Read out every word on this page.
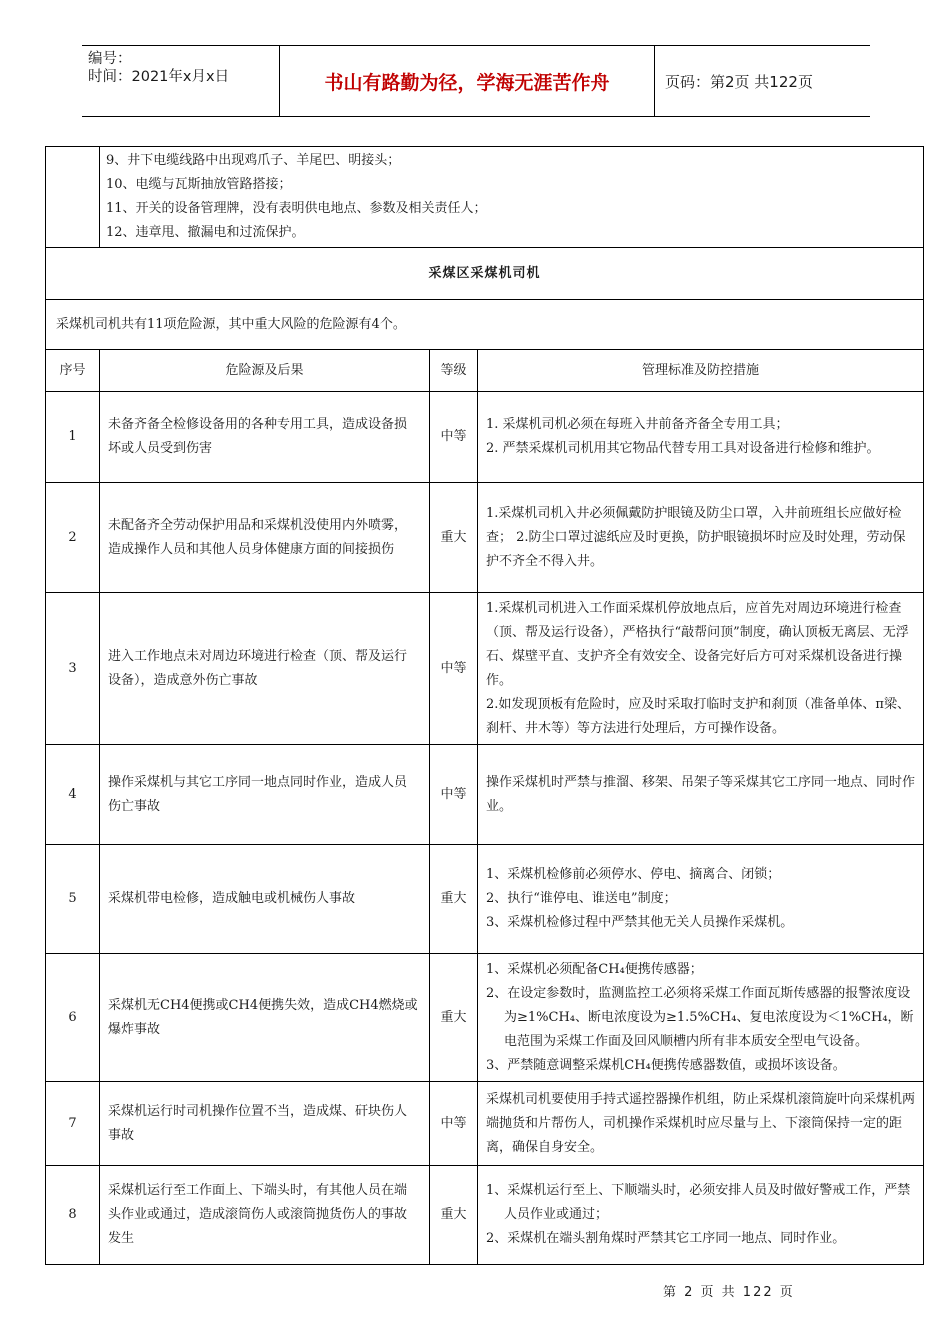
编号：
时间：2021年x月x日	书山有路勤为径，学海无涯苦作舟	页码：第2页 共122页

	9、井下电缆线路中出现鸡爪子、羊尾巴、明接头；
10、电缆与瓦斯抽放管路搭接；
11、开关的设备管理牌，没有表明供电地点、参数及相关责任人；
12、违章甩、撤漏电和过流保护。		

采煤区采煤机司机			
采煤机司机共有11项危险源，其中重大风险的危险源有4个。			
序号	危险源及后果	等级	管理标准及防控措施
1	未备齐备全检修设备用的各种专用工具，造成设备损坏或人员受到伤害	中等	1. 采煤机司机必须在每班入井前备齐备全专用工具；
2. 严禁采煤机司机用其它物品代替专用工具对设备进行检修和维护。

2	未配备齐全劳动保护用品和采煤机没使用内外喷雾，造成操作人员和其他人员身体健康方面的间接损伤	重大	1.采煤机司机入井必须佩戴防护眼镜及防尘口罩，入井前班组长应做好检查； 2.防尘口罩过滤纸应及时更换，防护眼镜损坏时应及时处理，劳动保护不齐全不得入井。

3	进入工作地点未对周边环境进行检查（顶、帮及运行设备），造成意外伤亡事故	中等	1.采煤机司机进入工作面采煤机停放地点后，应首先对周边环境进行检查（顶、帮及运行设备），严格执行“敲帮问顶”制度，确认顶板无离层、无浮石、煤壁平直、支护齐全有效安全、设备完好后方可对采煤机设备进行操作。
2.如发现顶板有危险时，应及时采取打临时支护和刹顶（准备单体、π梁、刹杆、井木等）等方法进行处理后，方可操作设备。

4	操作采煤机与其它工序同一地点同时作业，造成人员伤亡事故	中等	操作采煤机时严禁与推溜、移架、吊架子等采煤其它工序同一地点、同时作业。

5	采煤机带电检修，造成触电或机械伤人事故	重大	1、采煤机检修前必须停水、停电、摘离合、闭锁；
2、执行“谁停电、谁送电”制度；
3、采煤机检修过程中严禁其他无关人员操作采煤机。

6	采煤机无CH4便携或CH4便携失效，造成CH4燃烧或爆炸事故	重大	1、采煤机必须配备CH₄便携传感器；
2、在设定参数时，监测监控工必须将采煤工作面瓦斯传感器的报警浓度设为≥1%CH₄、断电浓度设为≥1.5%CH₄、复电浓度设为＜1%CH₄，断电范围为采煤工作面及回风顺槽内所有非本质安全型电气设备。
3、严禁随意调整采煤机CH₄便携传感器数值，或损坏该设备。

7	采煤机运行时司机操作位置不当，造成煤、矸块伤人事故	中等	采煤机司机要使用手持式遥控器操作机组，防止采煤机滚筒旋叶向采煤机两端抛货和片帮伤人，司机操作采煤机时应尽量与上、下滚筒保持一定的距离，确保自身安全。

8	采煤机运行至工作面上、下端头时，有其他人员在端头作业或通过，造成滚筒伤人或滚筒抛货伤人的事故发生	重大	1、采煤机运行至上、下顺端头时，必须安排人员及时做好警戒工作，严禁人员作业或通过；
2、采煤机在端头割角煤时严禁其它工序同一地点、同时作业。
第 2 页 共 122 页
